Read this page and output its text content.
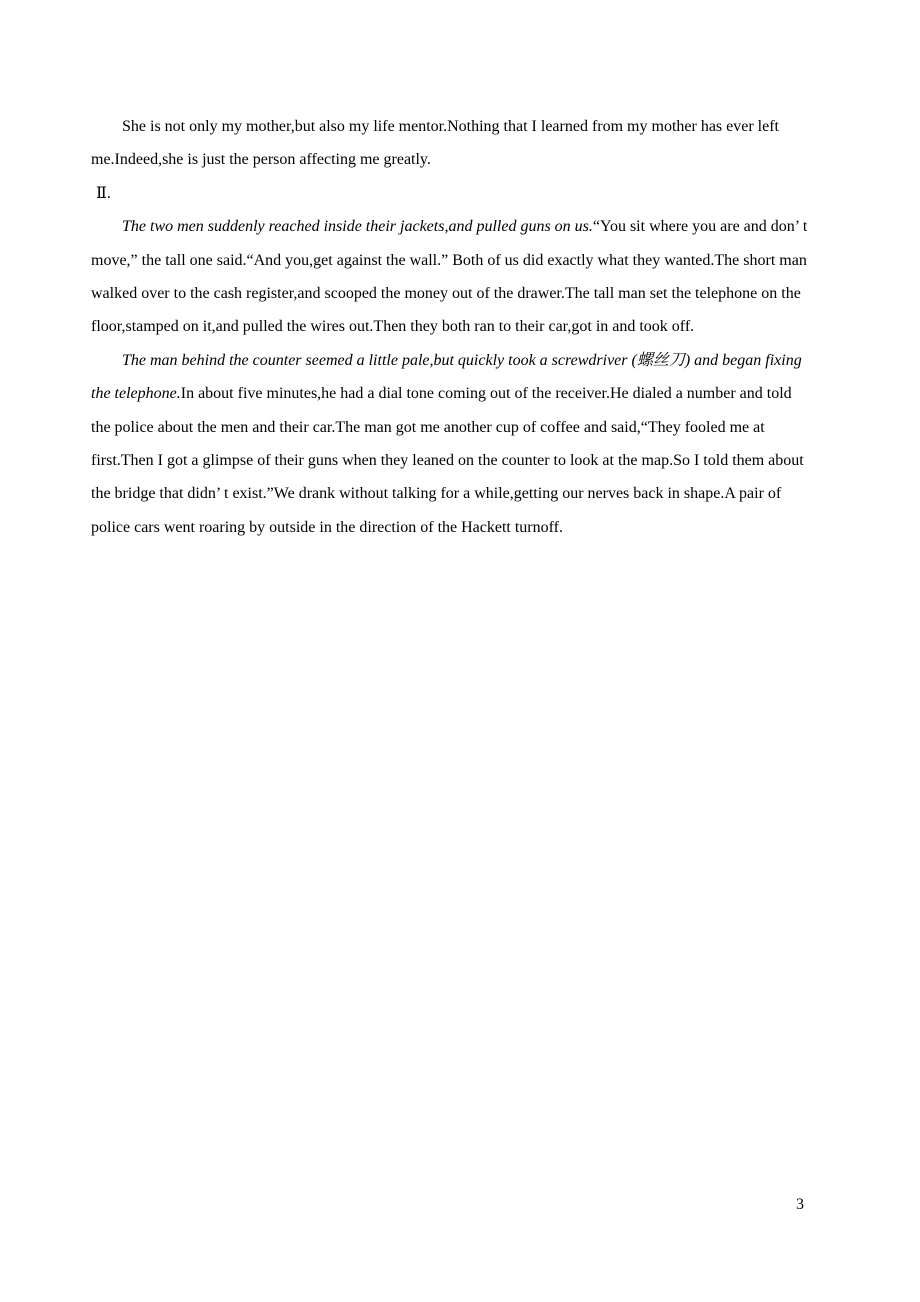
She is not only my mother,but also my life mentor.Nothing that I learned from my mother has ever left me.Indeed,she is just the person affecting me greatly.

Ⅱ.

The two men suddenly reached inside their jackets,and pulled guns on us.“You sit where you are and don’ t move,” the tall one said.“And you,get against the wall.” Both of us did exactly what they wanted.The short man walked over to the cash register,and scooped the money out of the drawer.The tall man set the telephone on the floor,stamped on it,and pulled the wires out.Then they both ran to their car,got in and took off.

The man behind the counter seemed a little pale,but quickly took a screwdriver (螺丝刀) and began fixing the telephone.In about five minutes,he had a dial tone coming out of the receiver.He dialed a number and told the police about the men and their car.The man got me another cup of coffee and said,“They fooled me at first.Then I got a glimpse of their guns when they leaned on the counter to look at the map.So I told them about the bridge that didn’ t exist.”We drank without talking for a while,getting our nerves back in shape.A pair of police cars went roaring by outside in the direction of the Hackett turnoff.

3
